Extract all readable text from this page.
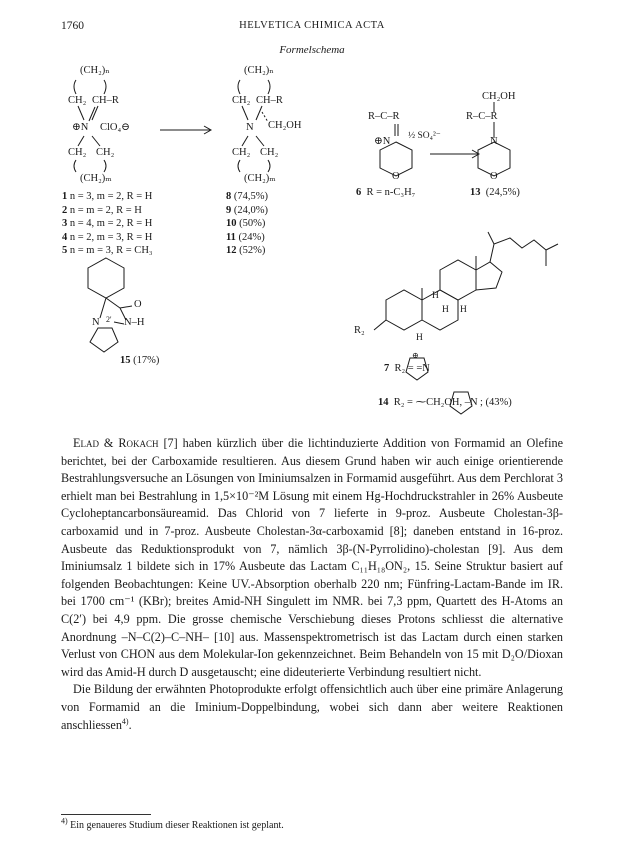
1760	HELVETICA CHIMICA ACTA
Formelschema
(CH₂)ₙ
CH₂ CH–R
⊕N ClO₄⊖
CH₂ CH₂
(CH₂)ₘ
(CH₂)ₙ
CH₂ CH–R
N CH₂OH
CH₂ CH₂
(CH₂)ₘ
1 n = 3, m = 2, R = H
2 n = m = 2, R = H
3 n = 4, m = 2, R = H
4 n = 2, m = 3, R = H
5 n = m = 3, R = CH₃
8 (74,5%)
9 (24,0%)
10 (50%)
11 (24%)
12 (52%)
R–C–R
⊕N ½ SO₄²⁻
O
6 R = n-C₃H₇
CH₂OH
R–C–R
N
O
13 (24,5%)
O
N 2' N–H
15 (17%)
H
H H
H
R₂
7 R₂ = =N
⊕
14 R₂ = ⁓CH₂OH, –N ; (43%)

Elad & Rokach [7] haben kürzlich über die lichtinduzierte Addition von Formamid an Olefine berichtet, bei der Carboxamide resultieren. Aus diesem Grund haben wir auch einige orientierende Bestrahlungsversuche an Lösungen von Iminiumsalzen in Formamid ausgeführt. Aus dem Perchlorat 3 erhielt man bei Bestrahlung in 1,5×10⁻²M Lösung mit einem Hg-Hochdruckstrahler in 26% Ausbeute Cycloheptancarbonsäureamid. Das Chlorid von 7 lieferte in 9-proz. Ausbeute Cholestan-3β-carboxamid und in 7-proz. Ausbeute Cholestan-3α-carboxamid [8]; daneben entstand in 16-proz. Ausbeute das Reduktionsprodukt von 7, nämlich 3β-(N-Pyrrolidino)-cholestan [9]. Aus dem Iminiumsalz 1 bildete sich in 17% Ausbeute das Lactam C₁₁H₁₈ON₂, 15. Seine Struktur basiert auf folgenden Beobachtungen: Keine UV.-Absorption oberhalb 220 nm; Fünfring-Lactam-Bande im IR. bei 1700 cm⁻¹ (KBr); breites Amid-NH Singulett im NMR. bei 7,3 ppm, Quartett des H-Atoms an C(2′) bei 4,9 ppm. Die grosse chemische Verschiebung dieses Protons schliesst die alternative Anordnung –N–C(2)–C–NH– [10] aus. Massenspektrometrisch ist das Lactam durch einen starken Verlust von CHON aus dem Molekular-Ion gekennzeichnet. Beim Behandeln von 15 mit D₂O/Dioxan wird das Amid-H durch D ausgetauscht; eine dideuterierte Verbindung resultiert nicht.

Die Bildung der erwähnten Photoprodukte erfolgt offensichtlich auch über eine primäre Anlagerung von Formamid an die Iminium-Doppelbindung, wobei sich dann aber weitere Reaktionen anschliessen$^{4)}$.

$^{4)}$ Ein genaueres Studium dieser Reaktionen ist geplant.
